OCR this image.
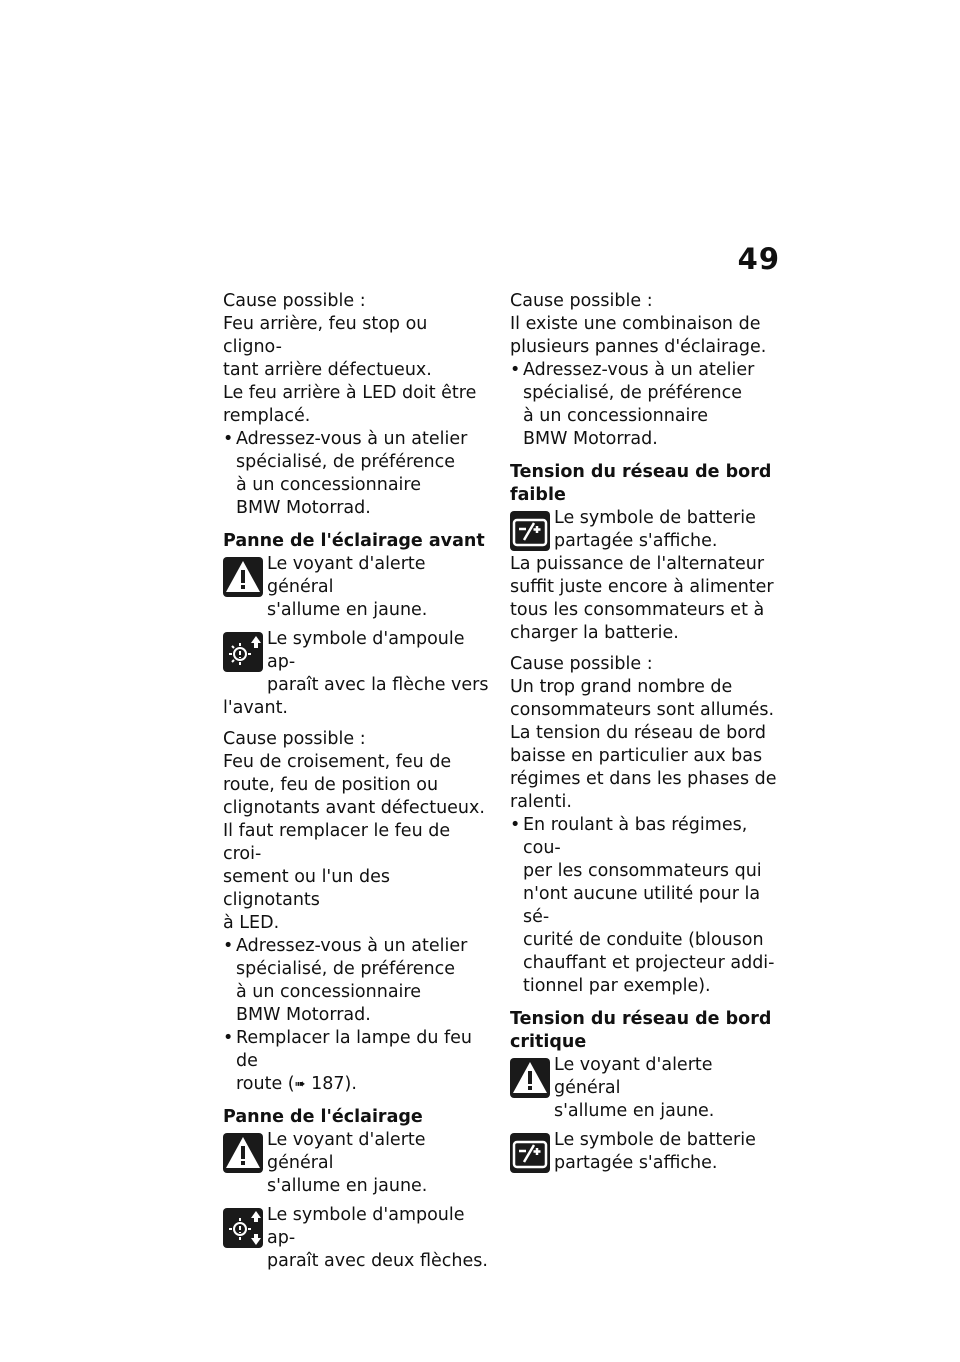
49

Cause possible :

Feu arrière, feu stop ou cligno-

tant arrière défectueux.

Le feu arrière à LED doit être

remplacé.

• Adressez-vous à un atelier
spécialisé, de préférence
à un concessionnaire
BMW Motorrad.

Panne de l'éclairage avant

Le voyant d'alerte général

s'allume en jaune.

Le symbole d'ampoule ap-

paraît avec la flèche vers

l'avant.

Cause possible :

Feu de croisement, feu de

route, feu de position ou

clignotants avant défectueux.

Il faut remplacer le feu de croi-

sement ou l'un des clignotants

à LED.

• Adressez-vous à un atelier
spécialisé, de préférence
à un concessionnaire
BMW Motorrad.
• Remplacer la lampe du feu de
route (➠ 187).

Panne de l'éclairage

Le voyant d'alerte général

s'allume en jaune.

Le symbole d'ampoule ap-

paraît avec deux flèches.

Cause possible :

Il existe une combinaison de

plusieurs pannes d'éclairage.

• Adressez-vous à un atelier
spécialisé, de préférence
à un concessionnaire
BMW Motorrad.

Tension du réseau de bord
faible

Le symbole de batterie

partagée s'affiche.

La puissance de l'alternateur

suffit juste encore à alimenter

tous les consommateurs et à

charger la batterie.

Cause possible :

Un trop grand nombre de

consommateurs sont allumés.

La tension du réseau de bord

baisse en particulier aux bas

régimes et dans les phases de

ralenti.

• En roulant à bas régimes, cou-
per les consommateurs qui
n'ont aucune utilité pour la sé-
curité de conduite (blouson
chauffant et projecteur addi-
tionnel par exemple).

Tension du réseau de bord
critique

Le voyant d'alerte général

s'allume en jaune.

Le symbole de batterie

partagée s'affiche.
